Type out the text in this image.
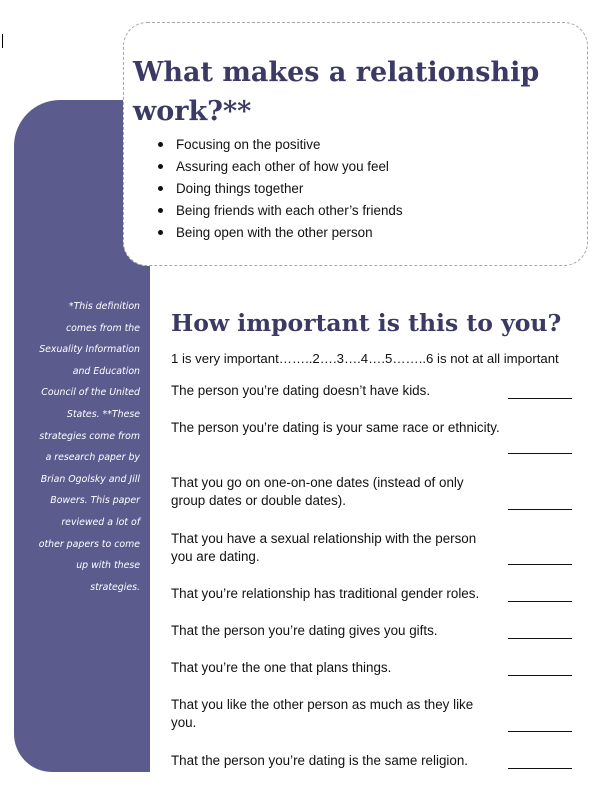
*This definition comes from the Sexuality Information and Education Council of the United States. **These strategies come from a research paper by Brian Ogolsky and Jill Bowers. This paper reviewed a lot of other papers to come up with these strategies.
What makes a relationship work?**
Focusing on the positive
Assuring each other of how you feel
Doing things together
Being friends with each other’s friends
Being open with the other person
How important is this to you?
1 is very important……..2….3….4….5……..6 is not at all important
The person you’re dating doesn’t have kids.
The person you’re dating is your same race or ethnicity.
That you go on one-on-one dates (instead of only group dates or double dates).
That you have a sexual relationship with the person you are dating.
That you’re relationship has traditional gender roles.
That the person you’re dating gives you gifts.
That you’re the one that plans things.
That you like the other person as much as they like you.
That the person you’re dating is the same religion.
